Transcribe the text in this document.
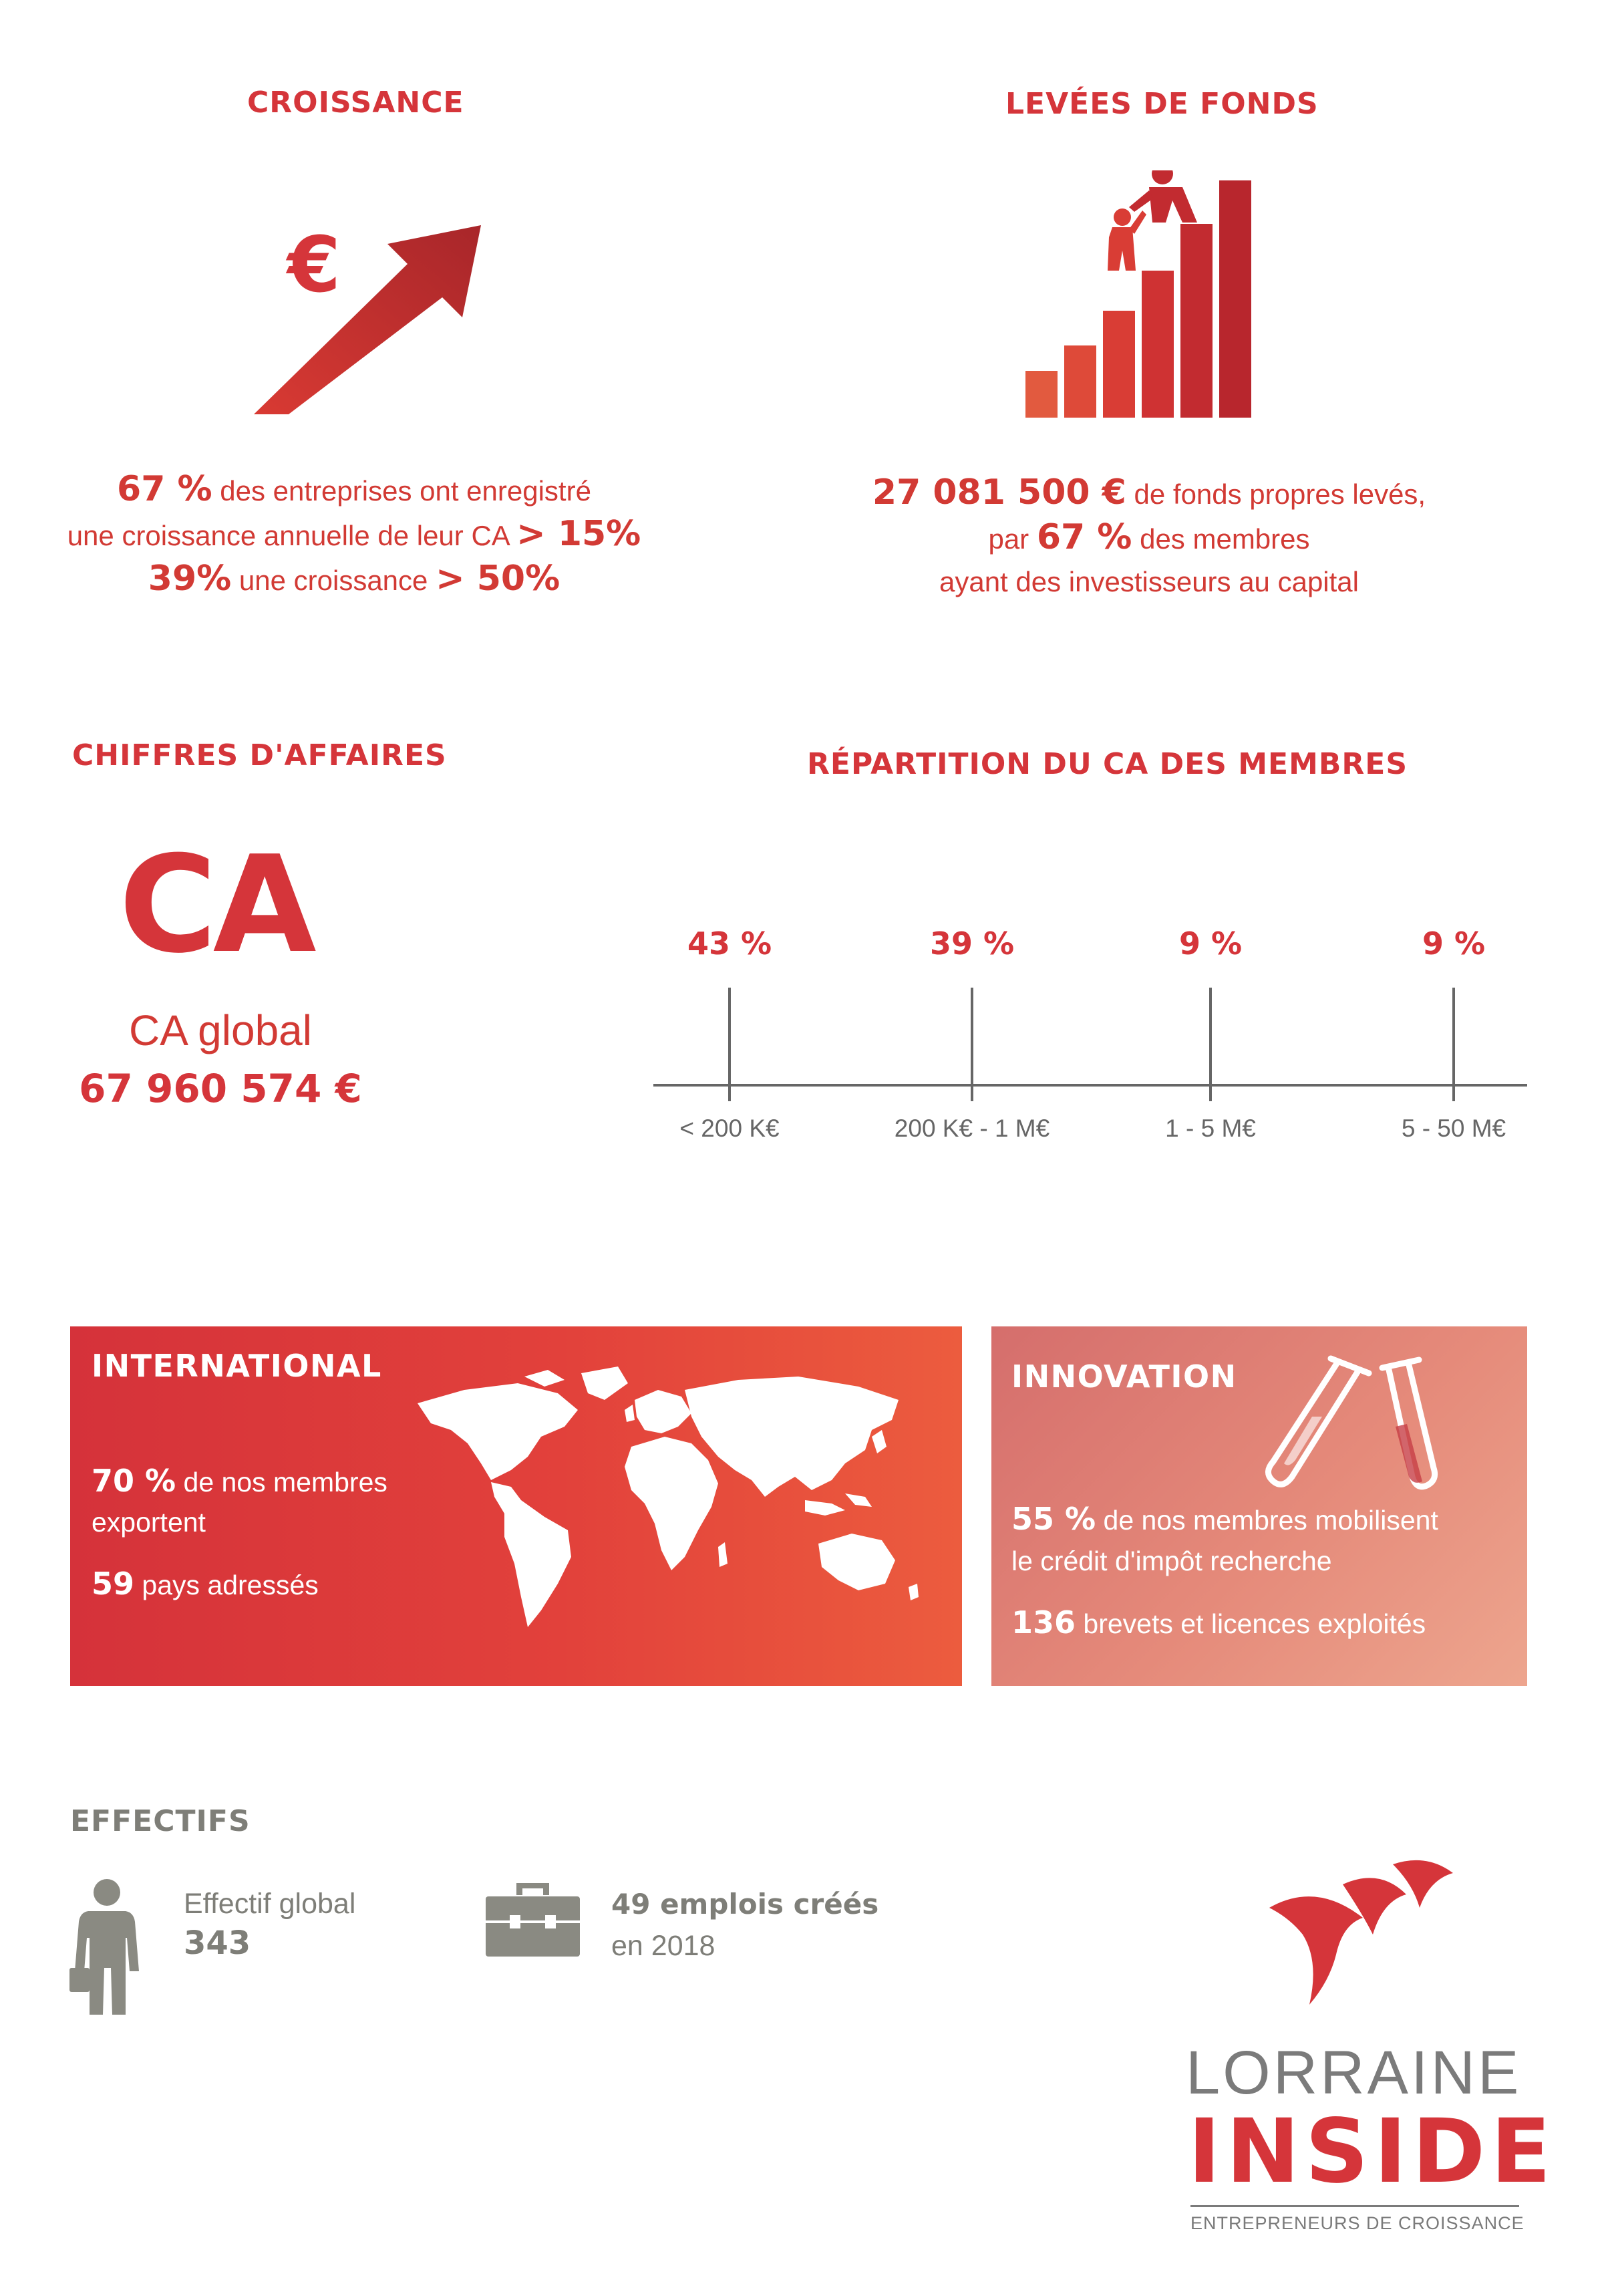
CROISSANCE
€
67 % des entreprises ont enregistré
une croissance annuelle de leur CA > 15%
39% une croissance > 50%
LEVÉES DE FONDS
27 081 500 € de fonds propres levés,
par 67 % des membres
ayant des investisseurs au capital
CHIFFRES D'AFFAIRES
CA
CA global
67 960 574 €
RÉPARTITION DU CA DES MEMBRES
43 %
< 200 K€
39 %
200 K€ - 1 M€
9 %
1 - 5 M€
9 %
5 - 50 M€
INTERNATIONAL
70 % de nos membres
exportent
59 pays adressés
INNOVATION
55 % de nos membres mobilisent
le crédit d'impôt recherche
136 brevets et licences exploités
EFFECTIFS
Effectif global
343
49 emplois créés
en 2018
LORRAINE
INSIDE
ENTREPRENEURS DE CROISSANCE
